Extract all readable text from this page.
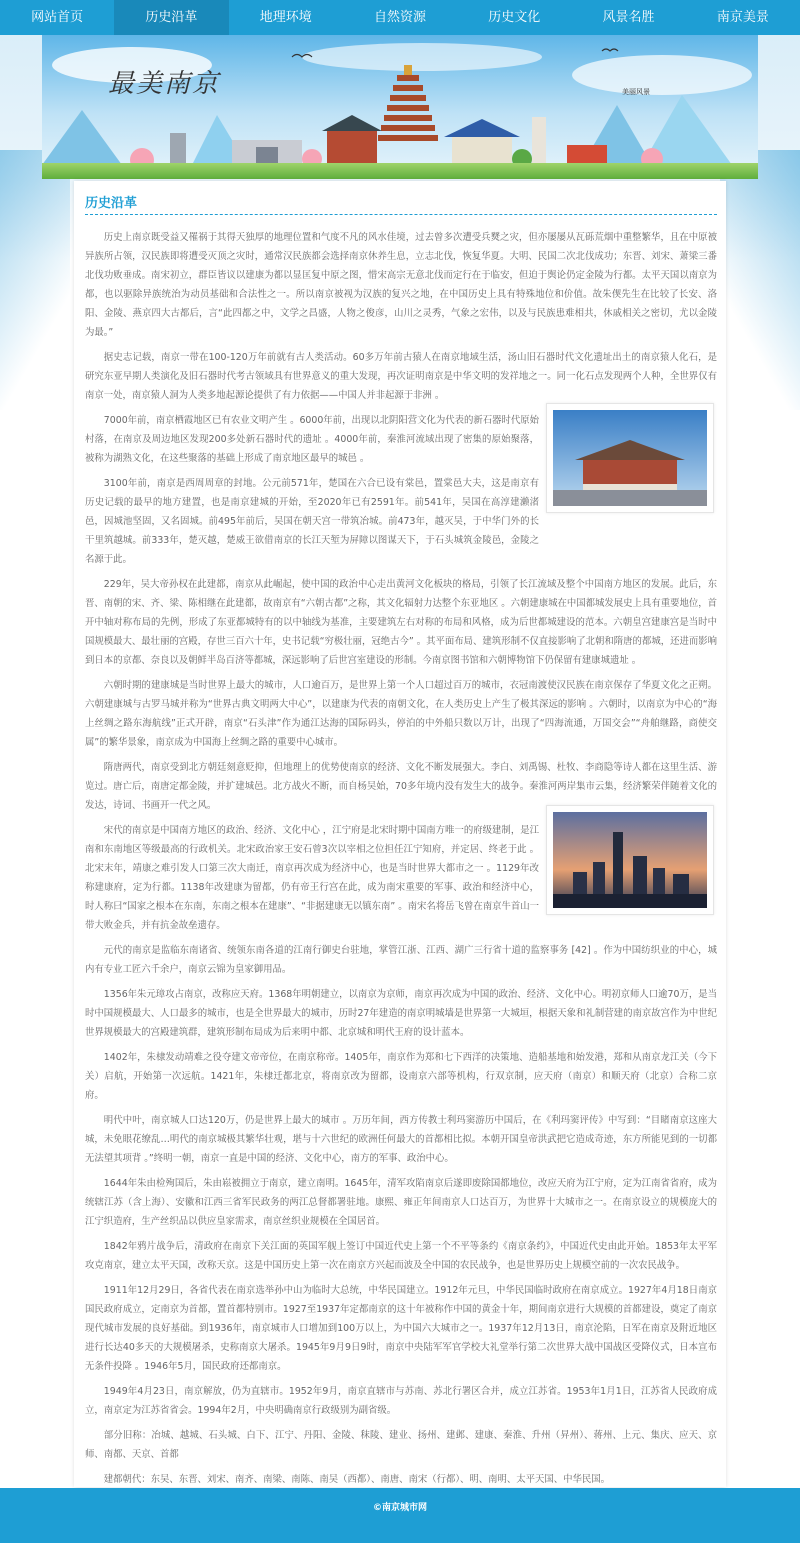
网站首页	历史沿革	地理环境	自然资源	历史文化	风景名胜	南京美景
最美南京	美丽风景
历史沿革

历史上南京既受益又罹祸于其得天独厚的地理位置和气度不凡的风水佳境，过去曾多次遭受兵燹之灾，但亦屡屡从瓦砾荒烟中重整繁华，且在中原被异族所占领，汉民族即将遭受灭顶之灾时，通常汉民族都会选择南京休养生息，立志北伐，恢复华夏。大明、民国二次北伐成功；东晋、刘宋、萧梁三番北伐功败垂成。南宋初立，群臣皆议以建康为都以显匡复中原之图，惜宋高宗无意北伐而定行在于临安，但迫于舆论仍定金陵为行都。太平天国以南京为都，也以驱除异族统治为动员基础和合法性之一。所以南京被视为汉族的复兴之地，在中国历史上具有特殊地位和价值。故朱偰先生在比较了长安、洛阳、金陵、燕京四大古都后，言“此四都之中，文学之昌盛，人物之俊彦，山川之灵秀，气象之宏伟，以及与民族患难相共，休戚相关之密切，尤以金陵为最。”

据史志记载，南京一带在100-120万年前就有古人类活动。60多万年前古猿人在南京地域生活，汤山旧石器时代文化遗址出土的南京猿人化石，是研究东亚早期人类演化及旧石器时代考古领域具有世界意义的重大发现，再次证明南京是中华文明的发祥地之一。同一化石点发现两个人种，全世界仅有南京一处，南京猿人洞为人类多地起源论提供了有力依据——中国人并非起源于非洲 。

7000年前，南京栖霞地区已有农业文明产生 。6000年前，出现以北阴阳营文化为代表的新石器时代原始村落，在南京及周边地区发现200多处新石器时代的遗址 。4000年前，秦淮河流域出现了密集的原始聚落，被称为湖熟文化，在这些聚落的基础上形成了南京地区最早的城邑 。

3100年前，南京是西周周章的封地。公元前571年，楚国在六合已设有棠邑，置棠邑大夫，这是南京有历史记载的最早的地方建置，也是南京建城的开始，至2020年已有2591年。前541年，吴国在高淳建濑渚邑，因城池坚固，又名固城。前495年前后，吴国在朝天宫一带筑冶城。前473年，越灭吴，于中华门外的长干里筑越城。前333年，楚灭越，楚威王欲借南京的长江天堑为屏障以图谋天下，于石头城筑金陵邑，金陵之名源于此。

229年，吴大帝孙权在此建都，南京从此崛起，使中国的政治中心走出黄河文化板块的格局，引领了长江流域及整个中国南方地区的发展。此后，东晋、南朝的宋、齐、梁、陈相继在此建都，故南京有“六朝古都”之称，其文化辐射力达整个东亚地区 。六朝建康城在中国都城发展史上具有重要地位，首开中轴对称布局的先例，形成了东亚都城特有的以中轴线为基准，主要建筑左右对称的布局和风格，成为后世都城建设的范本。六朝皇宫建康宫是当时中国规模最大、最壮丽的宫殿，存世三百六十年，史书记载“穷极壮丽，冠绝古今” 。其平面布局、建筑形制不仅直接影响了北朝和隋唐的都城，还进而影响到日本的京都、奈良以及朝鲜半岛百济等都城，深远影响了后世宫室建设的形制。今南京图书馆和六朝博物馆下仍保留有建康城遗址 。

六朝时期的建康城是当时世界上最大的城市，人口逾百万，是世界上第一个人口超过百万的城市，衣冠南渡使汉民族在南京保存了华夏文化之正朔。六朝建康城与古罗马城并称为“世界古典文明两大中心”，以建康为代表的南朝文化，在人类历史上产生了极其深远的影响 。六朝时，以南京为中心的“海上丝绸之路东海航线”正式开辟，南京“石头津”作为通江达海的国际码头，停泊的中外船只数以万计，出现了“四海流通，万国交会”“舟舶继路，商使交属”的繁华景象，南京成为中国海上丝绸之路的重要中心城市。

隋唐两代，南京受到北方朝廷刻意贬抑，但地理上的优势使南京的经济、文化不断发展强大。李白、刘禹锡、杜牧、李商隐等诗人都在这里生活、游览过。唐亡后，南唐定都金陵，并扩建城邑。北方战火不断，而自杨吴始，70多年境内没有发生大的战争。秦淮河两岸集市云集，经济繁荣伴随着文化的发达，诗词、书画开一代之风。

宋代的南京是中国南方地区的政治、经济、文化中心 ，江宁府是北宋时期中国南方唯一的府级建制，是江南和东南地区等级最高的行政机关。北宋政治家王安石曾3次以宰相之位担任江宁知府，并定居、终老于此 。北宋末年，靖康之难引发人口第三次大南迁，南京再次成为经济中心，也是当时世界大都市之一 。1129年改称建康府，定为行都。1138年改建康为留都，仍有帝王行宫在此，成为南宋重要的军事、政治和经济中心，时人称曰“国家之根本在东南，东南之根本在建康”、“非据建康无以镇东南” 。南宋名将岳飞曾在南京牛首山一带大败金兵，并有抗金故垒遗存。

元代的南京是监临东南诸省、统领东南各道的江南行御史台驻地，掌管江浙、江西、湖广三行省十道的监察事务 [42] 。作为中国纺织业的中心，城内有专业工匠六千余户，南京云锦为皇家御用品。

1356年朱元璋攻占南京，改称应天府。1368年明朝建立，以南京为京师，南京再次成为中国的政治、经济、文化中心。明初京师人口逾70万，是当时中国规模最大、人口最多的城市，也是全世界最大的城市，历时27年建造的南京明城墙是世界第一大城垣，根据天象和礼制营建的南京故宫作为中世纪世界规模最大的宫殿建筑群，建筑形制布局成为后来明中都、北京城和明代王府的设计蓝本。

1402年，朱棣发动靖难之役夺建文帝帝位，在南京称帝。1405年，南京作为郑和七下西洋的决策地、造船基地和始发港，郑和从南京龙江关（今下关）启航，开始第一次远航。1421年，朱棣迁都北京，将南京改为留都，设南京六部等机构，行双京制，应天府（南京）和顺天府（北京）合称二京府。

明代中叶，南京城人口达120万，仍是世界上最大的城市 。万历年间，西方传教士利玛窦游历中国后，在《利玛窦评传》中写到：“目睹南京这座大城，未免眼花缭乱…明代的南京城极其繁华壮观，堪与十六世纪的欧洲任何最大的首都相比拟。本朝开国皇帝洪武把它造成奇迹，东方所能见到的一切都无法望其项背 。”终明一朝，南京一直是中国的经济、文化中心，南方的军事、政治中心。

1644年朱由检殉国后，朱由崧被拥立于南京，建立南明。1645年，清军攻陷南京后遂即废除国都地位，改应天府为江宁府，定为江南省省府，成为统辖江苏（含上海）、安徽和江西三省军民政务的两江总督都署驻地。康熙、雍正年间南京人口达百万，为世界十大城市之一。在南京设立的规模庞大的江宁织造府，生产丝织品以供应皇家需求，南京丝织业规模在全国居首。

1842年鸦片战争后，清政府在南京下关江面的英国军舰上签订中国近代史上第一个不平等条约《南京条约》，中国近代史由此开始。1853年太平军攻克南京，建立太平天国，改称天京。这是中国历史上第一次在南京方兴起而波及全中国的农民战争，也是世界历史上规模空前的一次农民战争。

1911年12月29日，各省代表在南京选举孙中山为临时大总统，中华民国建立。1912年元旦，中华民国临时政府在南京成立。1927年4月18日南京国民政府成立，定南京为首都，置首都特别市。1927至1937年定都南京的这十年被称作中国的黄金十年，期间南京进行大规模的首都建设，奠定了南京现代城市发展的良好基础。到1936年，南京城市人口增加到100万以上，为中国六大城市之一。1937年12月13日，南京沦陷，日军在南京及附近地区进行长达40多天的大规模屠杀，史称南京大屠杀。1945年9月9日9时，南京中央陆军军官学校大礼堂举行第二次世界大战中国战区受降仪式，日本宣布无条件投降 。1946年5月，国民政府还都南京。

1949年4月23日，南京解放，仍为直辖市。1952年9月，南京直辖市与苏南、苏北行署区合并，成立江苏省。1953年1月1日，江苏省人民政府成立，南京定为江苏省省会。1994年2月，中央明确南京行政级别为副省级。

部分旧称：冶城、越城、石头城、白下、江宁、丹阳、金陵、秣陵、建业、扬州、建邺、建康、秦淮、升州（昇州）、蒋州、上元、集庆、应天、京师、南都、天京、首都

建都朝代：东吴、东晋、刘宋、南齐、南梁、南陈、南吴（西都）、南唐、南宋（行都）、明、南明、太平天国、中华民国。

©南京城市网
